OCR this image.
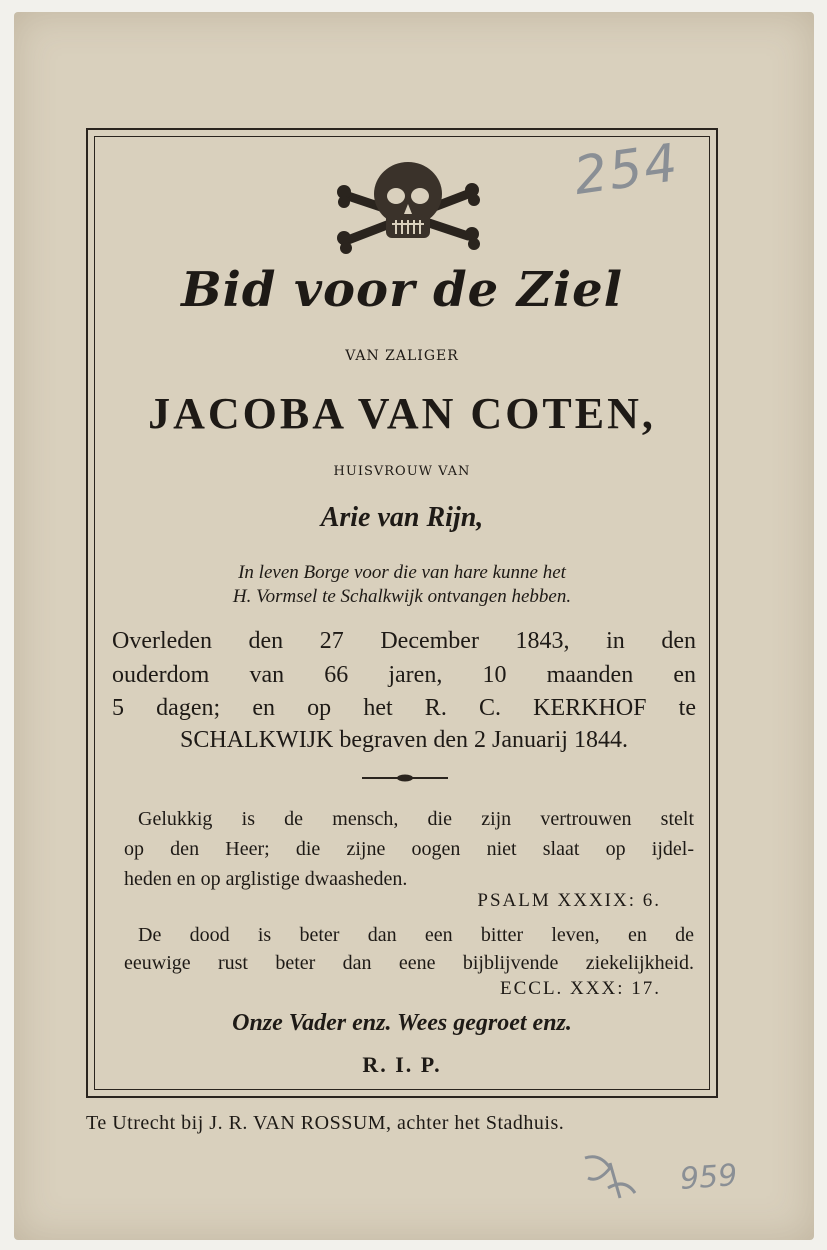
254
959
Bid voor de Ziel
VAN ZALIGER
JACOBA VAN COTEN,
HUISVROUW VAN
Arie van Rijn,
In leven Borge voor die van hare kunne het
H. Vormsel te Schalkwijk ontvangen hebben.
Overleden den 27 December 1843, in den
ouderdom van 66 jaren, 10 maanden en
5 dagen; en op het R. C. KERKHOF te
SCHALKWIJK begraven den 2 Januarij 1844.
Gelukkig is de mensch, die zijn vertrouwen stelt
op den Heer; die zijne oogen niet slaat op ijdel-
heden en op arglistige dwaasheden.
PSALM XXXIX: 6.
De dood is beter dan een bitter leven, en de
eeuwige rust beter dan eene bijblijvende ziekelijkheid.
ECCL. XXX: 17.
Onze Vader enz. Wees gegroet enz.
R. I. P.
Te Utrecht bij J. R. VAN ROSSUM, achter het Stadhuis.
